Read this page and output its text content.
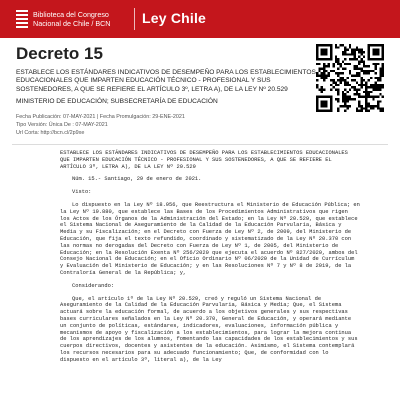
Biblioteca del Congreso Nacional de Chile / BCN	Ley Chile
Decreto 15
ESTABLECE LOS ESTÁNDARES INDICATIVOS DE DESEMPEÑO PARA LOS ESTABLECIMIENTOS EDUCACIONALES QUE IMPARTEN EDUCACIÓN TÉCNICO - PROFESIONAL Y SUS SOSTENEDORES, A QUE SE REFIERE EL ARTÍCULO 3º, LETRA A), DE LA LEY Nº 20.529
MINISTERIO DE EDUCACIÓN; SUBSECRETARÍA DE EDUCACIÓN
Fecha Publicación: 07-MAY-2021 | Fecha Promulgación: 29-ENE-2021
Tipo Versión: Única De : 07-MAY-2021
Url Corta: http://bcn.cl/2p9xe

ESTABLECE LOS ESTÁNDARES INDICATIVOS DE DESEMPEÑO PARA LOS ESTABLECIMIENTOS EDUCACIONALES QUE IMPARTEN EDUCACIÓN TÉCNICO - PROFESIONAL Y SUS SOSTENEDORES, A QUE SE REFIERE EL ARTÍCULO 3º, LETRA A), DE LA LEY Nº 20.529

Núm. 15.- Santiago, 29 de enero de 2021.

Visto:

Lo dispuesto en la Ley Nº 18.956, que Reestructura el Ministerio de Educación Pública; en la Ley Nº 19.880, que establece las Bases de los Procedimientos Administrativos que rigen los Actos de los Órganos de la Administración del Estado; en la Ley Nº 20.529, que establece el Sistema Nacional de Aseguramiento de la Calidad de la Educación Parvularia, Básica y Media y su Fiscalización; en el Decreto con Fuerza de Ley Nº 2, de 2009, del Ministerio de Educación, que fija el texto refundido, coordinado y sistematizado de la Ley Nº 20.370 con las normas no derogadas del Decreto con Fuerza de Ley Nº 1, de 2005, del Ministerio de Educación; en la Resolución Exenta Nº 256/2020 que ejecuta el acuerdo Nº 827/2020, ambos del Consejo Nacional de Educación; en el Oficio Ordinario Nº 06/2020 de la Unidad de Currículum y Evaluación del Ministerio de Educación; y en las Resoluciones Nº 7 y Nº 8 de 2019, de la Contraloría General de la República; y,

Considerando:

Que, el artículo 1º de la Ley Nº 20.529, creó y reguló un Sistema Nacional de Aseguramiento de la Calidad de la Educación Parvularia, Básica y Media; Que, el Sistema actuará sobre la educación formal, de acuerdo a los objetivos generales y sus respectivas bases curriculares señalados en la Ley Nº 20.370, General de Educación, y operará mediante un conjunto de políticas, estándares, indicadores, evaluaciones, información pública y mecanismos de apoyo y fiscalización a los establecimientos, para lograr la mejora continua de los aprendizajes de los alumnos, fomentando las capacidades de los establecimientos y sus cuerpos directivos, docentes y asistentes de la educación. Asimismo, el Sistema contemplará los recursos necesarios para su adecuado funcionamiento; Que, de conformidad con lo dispuesto en el artículo 3º, literal a), de la Ley
